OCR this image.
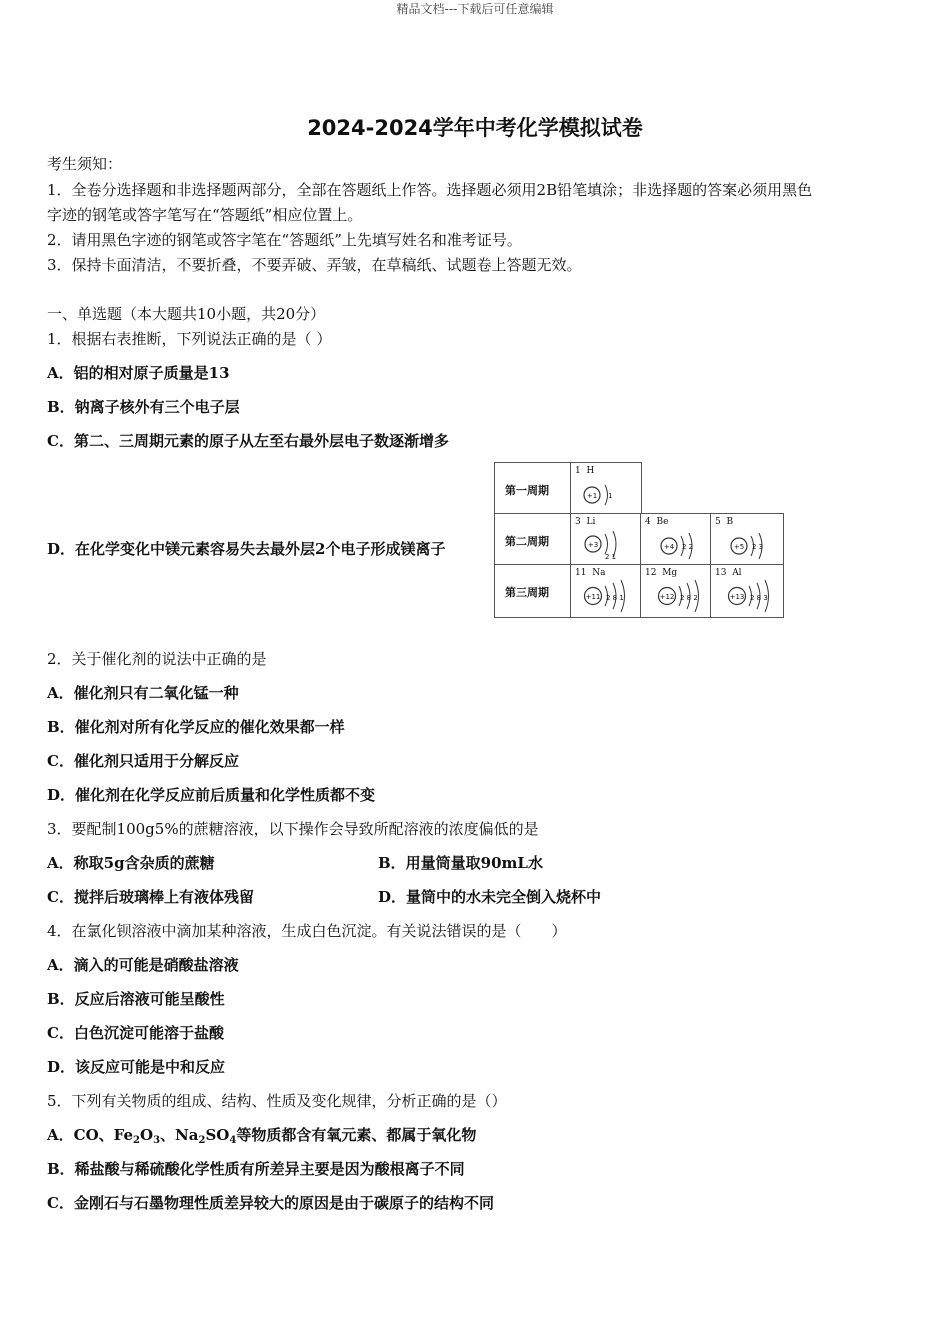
精品文档---下载后可任意编辑
2024-2024学年中考化学模拟试卷
考生须知：
1．全卷分选择题和非选择题两部分，全部在答题纸上作答。选择题必须用2B铅笔填涂；非选择题的答案必须用黑色
字迹的钢笔或答字笔写在“答题纸”相应位置上。
2．请用黑色字迹的钢笔或答字笔在“答题纸”上先填写姓名和准考证号。
3．保持卡面清洁，不要折叠，不要弄破、弄皱，在草稿纸、试题卷上答题无效。
一、单选题（本大题共10小题，共20分）
1．根据右表推断，下列说法正确的是（ ）
A．铝的相对原子质量是13
B．钠离子核外有三个电子层
C．第二、三周期元素的原子从左至右最外层电子数逐渐增多
D．在化学变化中镁元素容易失去最外层2个电子形成镁离子
第一周期
第二周期
第三周期
1 H
+1 1
3 Li
+3
2 1
4 Be
+4 2 2
5 B
+5 2 3
11 Na
+11 2 8 1
12 Mg
+12 2 8 2
13 Al
+13 2 8 3
2．关于催化剂的说法中正确的是
A．催化剂只有二氧化锰一种
B．催化剂对所有化学反应的催化效果都一样
C．催化剂只适用于分解反应
D．催化剂在化学反应前后质量和化学性质都不变
3．要配制100g5%的蔗糖溶液，以下操作会导致所配溶液的浓度偏低的是
A．称取5g含杂质的蔗糖	B．用量筒量取90mL水
C．搅拌后玻璃棒上有液体残留	D．量筒中的水未完全倒入烧杯中
4．在氯化钡溶液中滴加某种溶液，生成白色沉淀。有关说法错误的是（　　）
A．滴入的可能是硝酸盐溶液
B．反应后溶液可能呈酸性
C．白色沉淀可能溶于盐酸
D．该反应可能是中和反应
5．下列有关物质的组成、结构、性质及变化规律，分析正确的是（）
A．CO、$Fe_2O_3$、$Na_2SO_4$等物质都含有氧元素、都属于氧化物
B．稀盐酸与稀硫酸化学性质有所差异主要是因为酸根离子不同
C．金刚石与石墨物理性质差异较大的原因是由于碳原子的结构不同
